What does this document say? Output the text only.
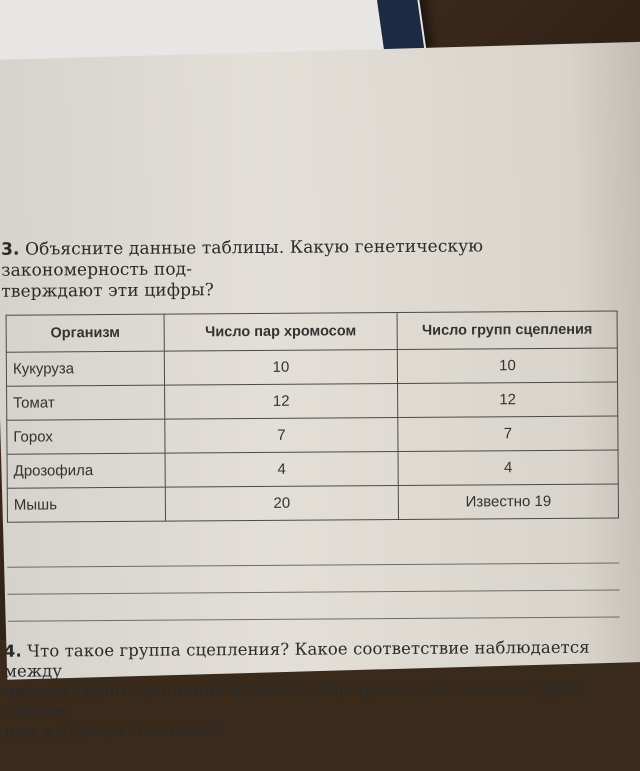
3. Объясните данные таблицы. Какую генетическую закономерность под-
тверждают эти цифры?

Организм	Число пар хромосом	Число групп сцепления
Кукуруза	10	10
Томат	12	12
Горох	7	7
Дрозофила	4	4
Мышь	20	Известно 19

4. Что такое группа сцепления? Какое соответствие наблюдается между
числом групп сцепления и числом пар хромосом? Сколько групп сцепле-
ния в клетках человека?
